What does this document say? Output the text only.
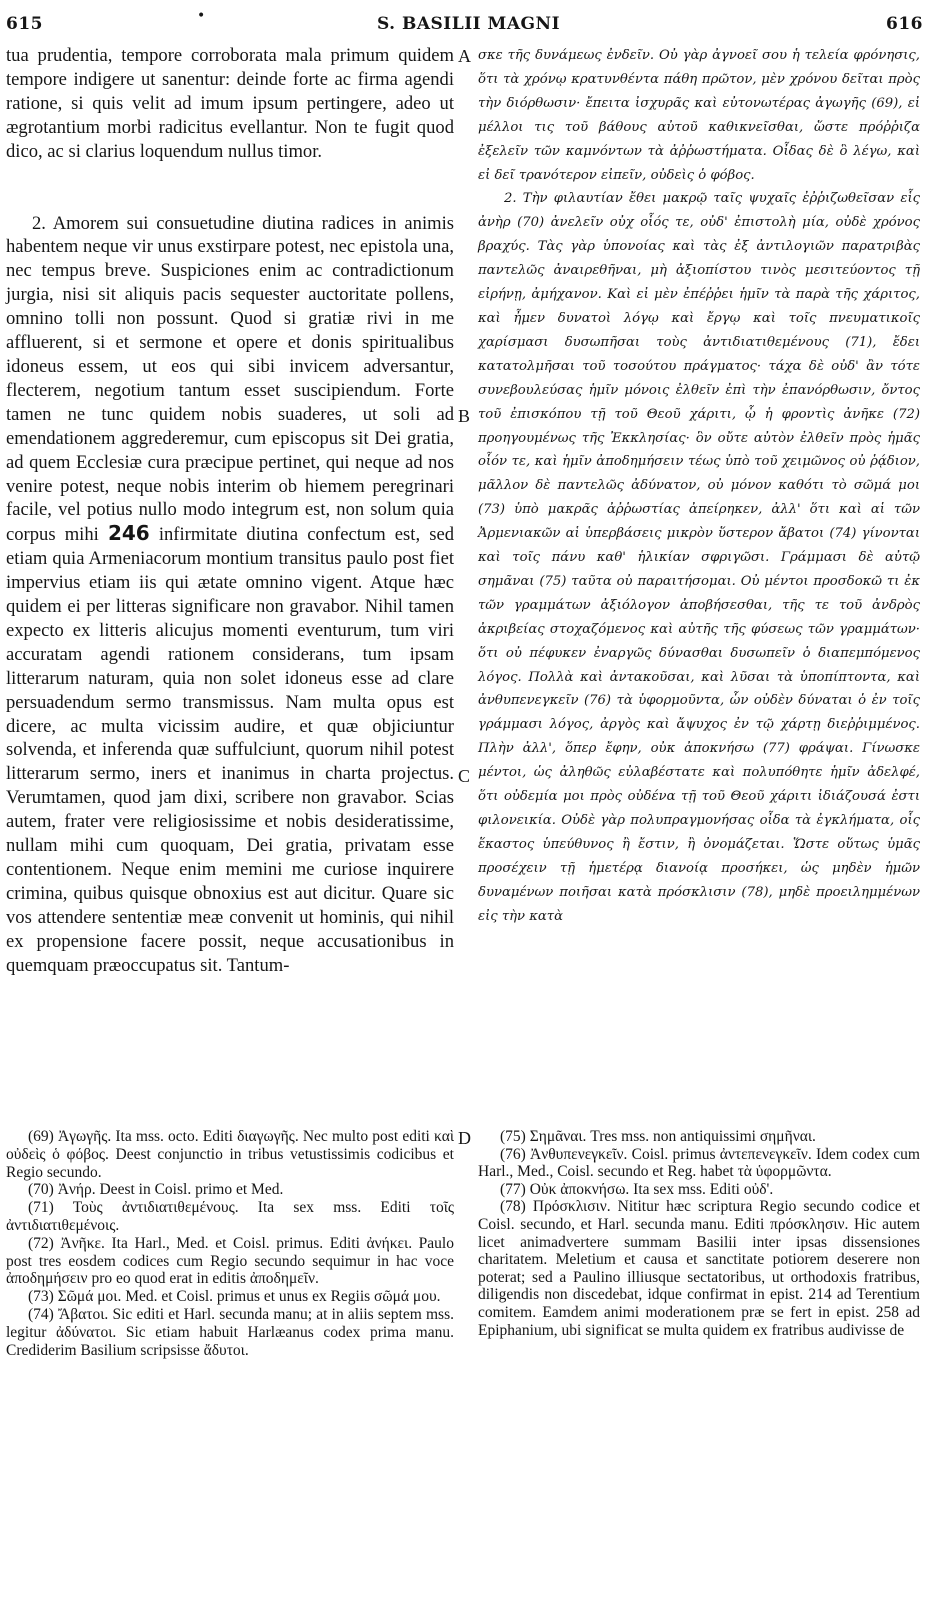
615	•	S. BASILII MAGNI	616
A
B
C
D

tua prudentia, tempore corroborata mala primum quidem tempore indigere ut sanentur: deinde forte ac firma agendi ratione, si quis velit ad imum ipsum pertingere, adeo ut ægrotantium morbi radicitus evellantur. Non te fugit quod dico, ac si clarius loquendum nullus timor.

2. Amorem sui consuetudine diutina radices in animis habentem neque vir unus exstirpare potest, nec epistola una, nec tempus breve. Suspiciones enim ac contradictionum jurgia, nisi sit aliquis pacis sequester auctoritate pollens, omnino tolli non possunt. Quod si gratiæ rivi in me affluerent, si et sermone et opere et donis spiritualibus idoneus essem, ut eos qui sibi invicem adversantur, flecterem, negotium tantum esset suscipiendum. Forte tamen ne tunc quidem nobis suaderes, ut soli ad emendationem aggrederemur, cum episcopus sit Dei gratia, ad quem Ecclesiæ cura præcipue pertinet, qui neque ad nos venire potest, neque nobis interim ob hiemem peregrinari facile, vel potius nullo modo integrum est, non solum quia corpus mihi 246 infirmitate diutina confectum est, sed etiam quia Armeniacorum montium transitus paulo post fiet impervius etiam iis qui ætate omnino vigent. Atque hæc quidem ei per litteras significare non gravabor. Nihil tamen expecto ex litteris alicujus momenti eventurum, tum viri accuratam agendi rationem considerans, tum ipsam litterarum naturam, quia non solet idoneus esse ad clare persuadendum sermo transmissus. Nam multa opus est dicere, ac multa vicissim audire, et quæ objiciuntur solvenda, et inferenda quæ suffulciunt, quorum nihil potest litterarum sermo, iners et inanimus in charta projectus. Verumtamen, quod jam dixi, scribere non gravabor. Scias autem, frater vere religiosissime et nobis desideratissime, nullam mihi cum quoquam, Dei gratia, privatam esse contentionem. Neque enim memini me curiose inquirere crimina, quibus quisque obnoxius est aut dicitur. Quare sic vos attendere sententiæ meæ convenit ut hominis, qui nihil ex propensione facere possit, neque accusationibus in quemquam præoccupatus sit. Tantum-

σκε τῆς δυνάμεως ἐνδεῖν. Οὐ γὰρ ἀγνοεῖ σου ἡ τελεία φρόνησις, ὅτι τὰ χρόνῳ κρατυνθέντα πάθη πρῶτον, μὲν χρόνου δεῖται πρὸς τὴν διόρθωσιν· ἔπειτα ἰσχυρᾶς καὶ εὐτονωτέρας ἀγωγῆς (69), εἰ μέλλοι τις τοῦ βάθους αὐτοῦ καθικνεῖσθαι, ὥστε πρόῤῥιζα ἐξελεῖν τῶν καμνόντων τὰ ἀῤῥωστήματα. Οἶδας δὲ ὃ λέγω, καὶ εἰ δεῖ τρανότερον εἰπεῖν, οὐδεὶς ὁ φόβος.

2. Τὴν φιλαυτίαν ἔθει μακρῷ ταῖς ψυχαῖς ἐῤῥιζωθεῖσαν εἷς ἀνὴρ (70) ἀνελεῖν οὐχ οἷός τε, οὐδ' ἐπιστολὴ μία, οὐδὲ χρόνος βραχύς. Τὰς γὰρ ὑπονοίας καὶ τὰς ἐξ ἀντιλογιῶν παρατριβὰς παντελῶς ἀναιρεθῆναι, μὴ ἀξιοπίστου τινὸς μεσιτεύοντος τῇ εἰρήνῃ, ἀμήχανον. Καὶ εἰ μὲν ἐπέῤῥει ἡμῖν τὰ παρὰ τῆς χάριτος, καὶ ἦμεν δυνατοὶ λόγῳ καὶ ἔργῳ καὶ τοῖς πνευματικοῖς χαρίσμασι δυσωπῆσαι τοὺς ἀντιδιατιθεμένους (71), ἔδει κατατολμῆσαι τοῦ τοσούτου πράγματος· τάχα δὲ οὐδ' ἂν τότε συνεβουλεύσας ἡμῖν μόνοις ἐλθεῖν ἐπὶ τὴν ἐπανόρθωσιν, ὄντος τοῦ ἐπισκόπου τῇ τοῦ Θεοῦ χάριτι, ᾧ ἡ φροντὶς ἀνῆκε (72) προηγουμένως τῆς Ἐκκλησίας· ὃν οὔτε αὐτὸν ἐλθεῖν πρὸς ἡμᾶς οἷόν τε, καὶ ἡμῖν ἀποδημήσειν τέως ὑπὸ τοῦ χειμῶνος οὐ ῥᾴδιον, μᾶλλον δὲ παντελῶς ἀδύνατον, οὐ μόνον καθότι τὸ σῶμά μοι (73) ὑπὸ μακρᾶς ἀῤῥωστίας ἀπείρηκεν, ἀλλ' ὅτι καὶ αἱ τῶν Ἀρμενιακῶν αἱ ὑπερβάσεις μικρὸν ὕστερον ἄβατοι (74) γίνονται καὶ τοῖς πάνυ καθ' ἡλικίαν σφριγῶσι. Γράμμασι δὲ αὐτῷ σημᾶναι (75) ταῦτα οὐ παραιτήσομαι. Οὐ μέντοι προσδοκῶ τι ἐκ τῶν γραμμάτων ἀξιόλογον ἀποβήσεσθαι, τῆς τε τοῦ ἀνδρὸς ἀκριβείας στοχαζόμενος καὶ αὐτῆς τῆς φύσεως τῶν γραμμάτων· ὅτι οὐ πέφυκεν ἐναργῶς δύνασθαι δυσωπεῖν ὁ διαπεμπόμενος λόγος. Πολλὰ καὶ ἀντακοῦσαι, καὶ λῦσαι τὰ ὑποπίπτοντα, καὶ ἀνθυπενεγκεῖν (76) τὰ ὑφορμοῦντα, ὧν οὐδὲν δύναται ὁ ἐν τοῖς γράμμασι λόγος, ἀργὸς καὶ ἄψυχος ἐν τῷ χάρτῃ διεῤῥιμμένος. Πλὴν ἀλλ', ὅπερ ἔφην, οὐκ ἀποκνήσω (77) φράψαι. Γίνωσκε μέντοι, ὡς ἀληθῶς εὐλαβέστατε καὶ πολυπόθητε ἡμῖν ἀδελφέ, ὅτι οὐδεμία μοι πρὸς οὐδένα τῇ τοῦ Θεοῦ χάριτι ἰδιάζουσά ἐστι φιλονεικία. Οὐδὲ γὰρ πολυπραγμονήσας οἶδα τὰ ἐγκλήματα, οἷς ἕκαστος ὑπεύθυνος ἢ ἔστιν, ἢ ὀνομάζεται. Ὥστε οὕτως ὑμᾶς προσέχειν τῇ ἡμετέρᾳ διανοίᾳ προσήκει, ὡς μηδὲν ἡμῶν δυναμένων ποιῆσαι κατὰ πρόσκλισιν (78), μηδὲ προειλημμένων εἰς τὴν κατὰ

(69) Ἀγωγῆς. Ita mss. octo. Editi διαγωγῆς. Nec multo post editi καὶ οὐδεὶς ὁ φόβος. Deest conjunctio in tribus vetustissimis codicibus et Regio secundo.

(70) Ἀνήρ. Deest in Coisl. primo et Med.

(71) Τοὺς ἀντιδιατιθεμένους. Ita sex mss. Editi τοῖς ἀντιδιατιθεμένοις.

(72) Ἀνῆκε. Ita Harl., Med. et Coisl. primus. Editi ἀνήκει. Paulo post tres eosdem codices cum Regio secundo sequimur in hac voce ἀποδημήσειν pro eo quod erat in editis ἀποδημεῖν.

(73) Σῶμά μοι. Med. et Coisl. primus et unus ex Regiis σῶμά μου.

(74) Ἄβατοι. Sic editi et Harl. secunda manu; at in aliis septem mss. legitur ἀδύνατοι. Sic etiam habuit Harlæanus codex prima manu. Crediderim Basilium scripsisse ἄδυτοι.

(75) Σημᾶναι. Tres mss. non antiquissimi σημῆναι.

(76) Ἀνθυπενεγκεῖν. Coisl. primus ἀντεπενεγκεῖν. Idem codex cum Harl., Med., Coisl. secundo et Reg. habet τὰ ὑφορμῶντα.

(77) Οὐκ ἀποκνήσω. Ita sex mss. Editi οὐδ'.

(78) Πρόσκλισιν. Nititur hæc scriptura Regio secundo codice et Coisl. secundo, et Harl. secunda manu. Editi πρόσκλησιν. Hic autem licet animadvertere summam Basilii inter ipsas dissensiones charitatem. Meletium et causa et sanctitate potiorem deserere non poterat; sed a Paulino illiusque sectatoribus, ut orthodoxis fratribus, diligendis non discedebat, idque confirmat in epist. 214 ad Terentium comitem. Eamdem animi moderationem præ se fert in epist. 258 ad Epiphanium, ubi significat se multa quidem ex fratribus audivisse de
